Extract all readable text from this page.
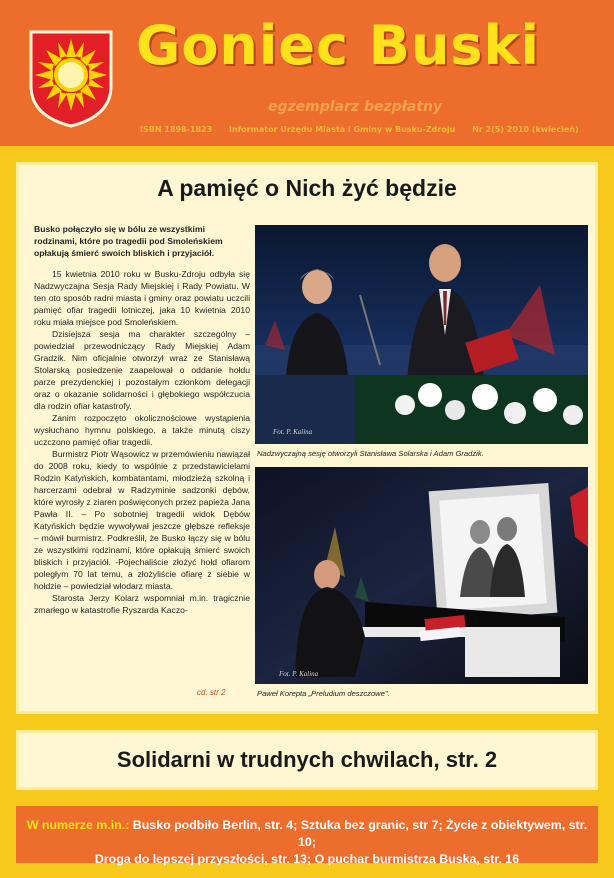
Goniec Buski
egzemplarz bezpłatny
ISBN 1898-1823 Informator Urzędu Miasta i Gminy w Busku-Zdroju Nr 2(5) 2010 (kwiecień)
A pamięć o Nich żyć będzie
Busko połączyło się w bólu ze wszystkimi rodzinami, które po tragedii pod Smoleńskiem opłakują śmierć swoich bliskich i przyjaciół.

15 kwietnia 2010 roku w Busku-Zdroju odbyła się Nadzwyczajna Sesja Rady Miejskiej i Rady Powiatu. W ten oto sposób radni miasta i gminy oraz powiatu uczcili pamięć ofiar tragedii lotniczej, jaka 10 kwietnia 2010 roku miała miejsce pod Smoleńskiem.

Dzisiejsza sesja ma charakter szczególny – powiedział przewodniczący Rady Miejskiej Adam Gradzik. Nim oficjalnie otworzył wraz ze Stanisławą Stolarską posiedzenie zaapelował o oddanie hołdu parze prezydenckiej i pozostałym członkom delegacji oraz o okazanie solidarności i głębokiego współczucia dla rodzin ofiar katastrofy.

Zanim rozpoczęto okolicznościowe wystąpienia wysłuchano hymnu polskiego, a także minutą ciszy uczczono pamięć ofiar tragedii.

Burmistrz Piotr Wąsowicz w przemówieniu nawiązał do 2008 roku, kiedy to wspólnie z przedstawicielami Rodzin Katyńskich, kombatantami, młodzieżą szkolną i harcerzami odebrał w Radzyminie sadzonki dębów, które wyrosły z ziaren poświęconych przez papieża Jana Pawła II. – Po sobotniej tragedii widok Dębów Katyńskich będzie wywoływał jeszcze głębsze refleksje – mówił burmistrz. Podkreślił, że Busko łączy się w bólu ze wszystkimi rodzinami, które opłakują śmierć swoich bliskich i przyjaciół. -Pojechaliście złożyć hołd ofiarom poległym 70 lat temu, a złożyliście ofiarę z siebie w hołdzie – powiedział włodarz miasta.

Starosta Jerzy Kolarz wspomniał m.in. tragicznie zmarłego w katastrofie Ryszarda Kaczo-

cd. str 2
Fot. P. Kalina
Nadzwyczajną sesję otworzyli Stanisława Solarska i Adam Gradzik.
Fot. P. Kalina
Paweł Korepta „Preludium deszczowe".
Solidarni w trudnych chwilach, str. 2
W numerze m.in.: Busko podbiło Berlin, str. 4; Sztuka bez granic, str 7; Życie z obiektywem, str. 10;
Droga do lepszej przyszłości, str. 13; O puchar burmistrza Buska, str. 16
